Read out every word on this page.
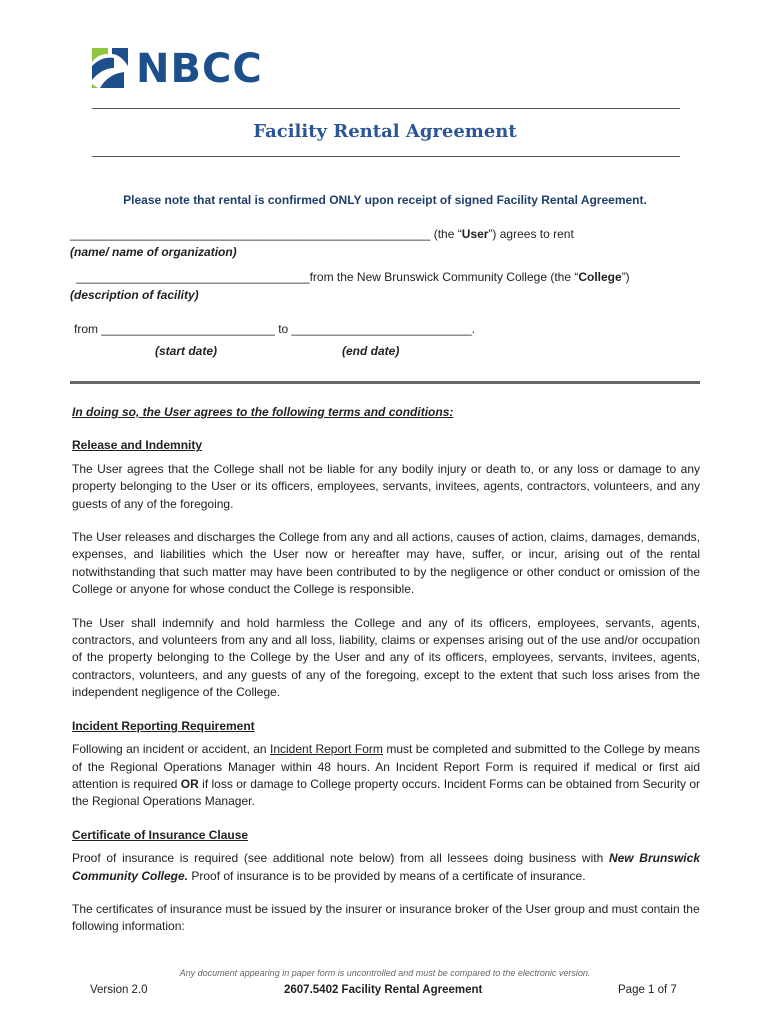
NBCC
Facility Rental Agreement
Please note that rental is confirmed ONLY upon receipt of signed Facility Rental Agreement.
______________________________________________________ (the “User”) agrees to rent
(name/ name of organization)
___________________________________from the New Brunswick Community College (the “College”)
(description of facility)
from __________________________ to ___________________________.
(start date)	(end date)

In doing so, the User agrees to the following terms and conditions:

Release and Indemnity

The User agrees that the College shall not be liable for any bodily injury or death to, or any loss or damage to any property belonging to the User or its officers, employees, servants, invitees, agents, contractors, volunteers, and any guests of any of the foregoing.

The User releases and discharges the College from any and all actions, causes of action, claims, damages, demands, expenses, and liabilities which the User now or hereafter may have, suffer, or incur, arising out of the rental notwithstanding that such matter may have been contributed to by the negligence or other conduct or omission of the College or anyone for whose conduct the College is responsible.

The User shall indemnify and hold harmless the College and any of its officers, employees, servants, agents, contractors, and volunteers from any and all loss, liability, claims or expenses arising out of the use and/or occupation of the property belonging to the College by the User and any of its officers, employees, servants, invitees, agents, contractors, volunteers, and any guests of any of the foregoing, except to the extent that such loss arises from the independent negligence of the College.

Incident Reporting Requirement

Following an incident or accident, an Incident Report Form must be completed and submitted to the College by means of the Regional Operations Manager within 48 hours. An Incident Report Form is required if medical or first aid attention is required OR if loss or damage to College property occurs. Incident Forms can be obtained from Security or the Regional Operations Manager.

Certificate of Insurance Clause

Proof of insurance is required (see additional note below) from all lessees doing business with New Brunswick Community College. Proof of insurance is to be provided by means of a certificate of insurance.

The certificates of insurance must be issued by the insurer or insurance broker of the User group and must contain the following information:

Any document appearing in paper form is uncontrolled and must be compared to the electronic version.
Version 2.0	2607.5402 Facility Rental Agreement	Page 1 of 7
